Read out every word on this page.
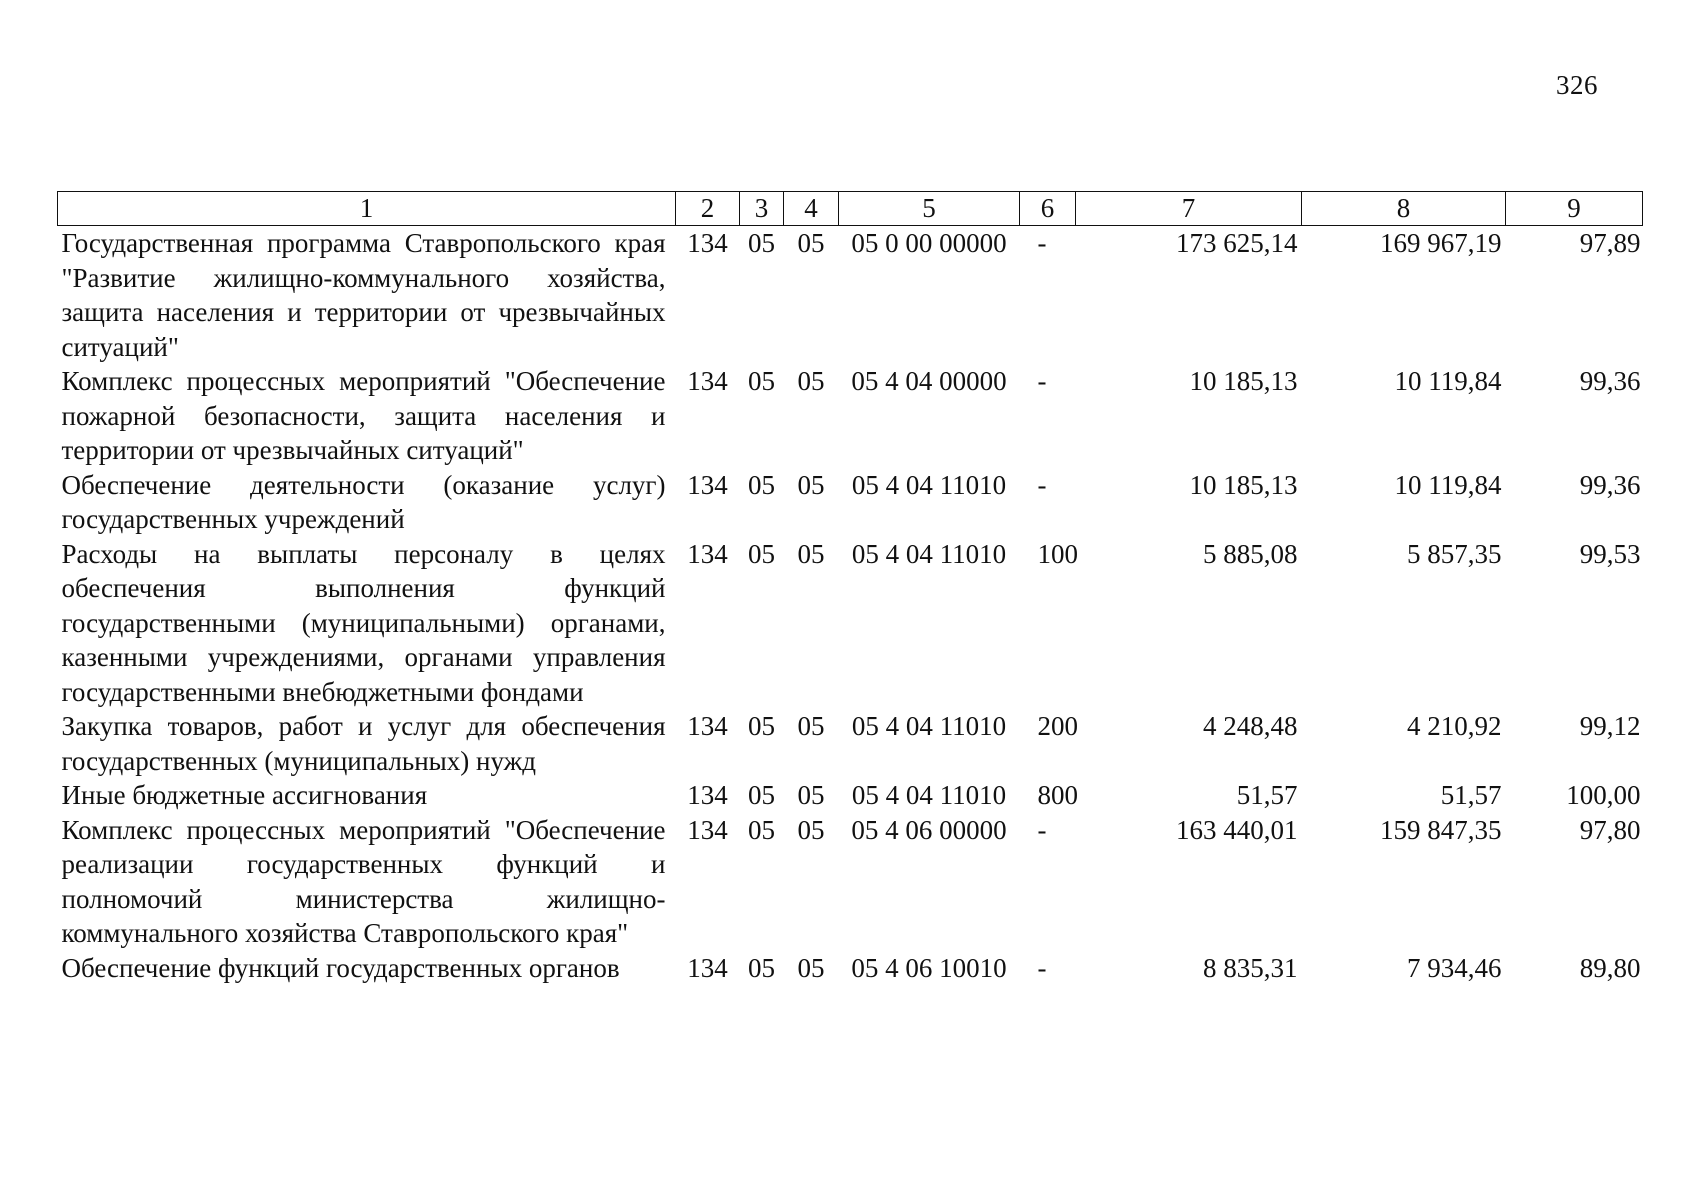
326
1	2	3	4	5	6	7	8	9
Государственная программа Ставропольского края "Развитие жилищно-коммунального хозяйства, защита населения и территории от чрезвычайных ситуаций"	134	05	05	05 0 00 00000	-	173 625,14	169 967,19	97,89
Комплекс процессных мероприятий "Обеспечение пожарной безопасности, защита населения и территории от чрезвычайных ситуаций"	134	05	05	05 4 04 00000	-	10 185,13	10 119,84	99,36
Обеспечение деятельности (оказание услуг) государственных учреждений	134	05	05	05 4 04 11010	-	10 185,13	10 119,84	99,36
Расходы на выплаты персоналу в целях обеспечения выполнения функций государственными (муниципальными) органами, казенными учреждениями, органами управления государственными внебюджетными фондами	134	05	05	05 4 04 11010	100	5 885,08	5 857,35	99,53
Закупка товаров, работ и услуг для обеспечения государственных (муниципальных) нужд	134	05	05	05 4 04 11010	200	4 248,48	4 210,92	99,12
Иные бюджетные ассигнования	134	05	05	05 4 04 11010	800	51,57	51,57	100,00
Комплекс процессных мероприятий "Обеспечение реализации государственных функций и полномочий министерства жилищно-коммунального хозяйства Ставропольского края"	134	05	05	05 4 06 00000	-	163 440,01	159 847,35	97,80
Обеспечение функций государственных органов	134	05	05	05 4 06 10010	-	8 835,31	7 934,46	89,80
